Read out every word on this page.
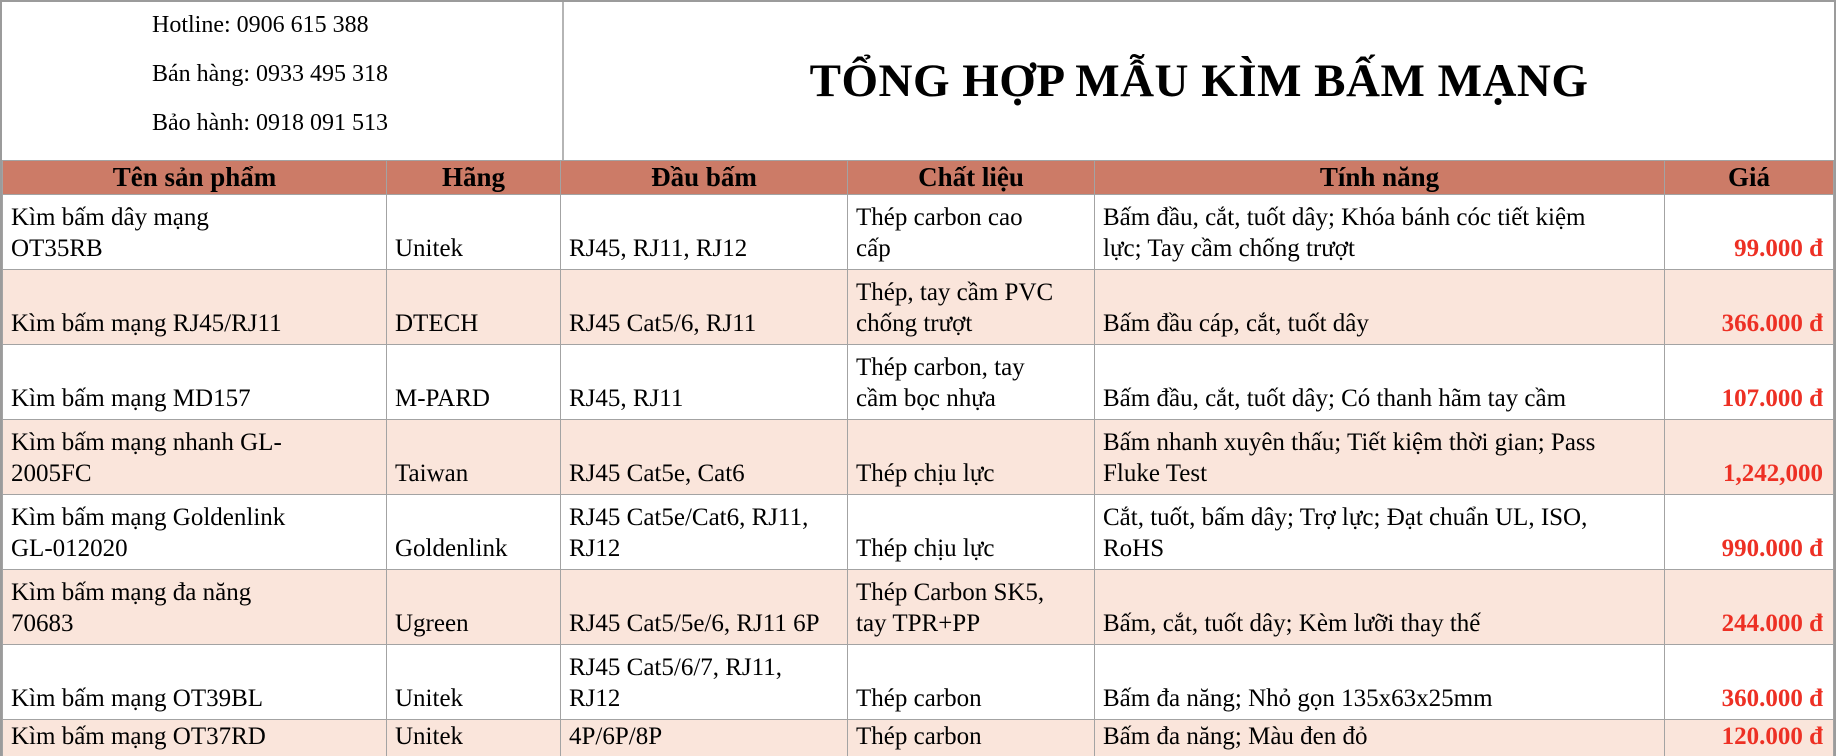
Hotline: 0906 615 388
Bán hàng: 0933 495 318
Bảo hành: 0918 091 513
TỔNG HỢP MẪU KÌM BẤM MẠNG
Tên sản phẩm	Hãng	Đầu bấm	Chất liệu	Tính năng	Giá
Kìm bấm dây mạng OT35RB	Unitek	RJ45, RJ11, RJ12	Thép carbon cao cấp	Bấm đầu, cắt, tuốt dây; Khóa bánh cóc tiết kiệm lực; Tay cầm chống trượt	99.000 đ
Kìm bấm mạng RJ45/RJ11	DTECH	RJ45 Cat5/6, RJ11	Thép, tay cầm PVC chống trượt	Bấm đầu cáp, cắt, tuốt dây	366.000 đ
Kìm bấm mạng MD157	M-PARD	RJ45, RJ11	Thép carbon, tay cầm bọc nhựa	Bấm đầu, cắt, tuốt dây; Có thanh hãm tay cầm	107.000 đ
Kìm bấm mạng nhanh GL-2005FC	Taiwan	RJ45 Cat5e, Cat6	Thép chịu lực	Bấm nhanh xuyên thấu; Tiết kiệm thời gian; Pass Fluke Test	1,242,000
Kìm bấm mạng Goldenlink GL-012020	Goldenlink	RJ45 Cat5e/Cat6, RJ11, RJ12	Thép chịu lực	Cắt, tuốt, bấm dây; Trợ lực; Đạt chuẩn UL, ISO, RoHS	990.000 đ
Kìm bấm mạng đa năng 70683	Ugreen	RJ45 Cat5/5e/6, RJ11 6P	Thép Carbon SK5, tay TPR+PP	Bấm, cắt, tuốt dây; Kèm lưỡi thay thế	244.000 đ
Kìm bấm mạng OT39BL	Unitek	RJ45 Cat5/6/7, RJ11, RJ12	Thép carbon	Bấm đa năng; Nhỏ gọn 135x63x25mm	360.000 đ
Kìm bấm mạng OT37RD	Unitek	4P/6P/8P	Thép carbon	Bấm đa năng; Màu đen đỏ	120.000 đ
